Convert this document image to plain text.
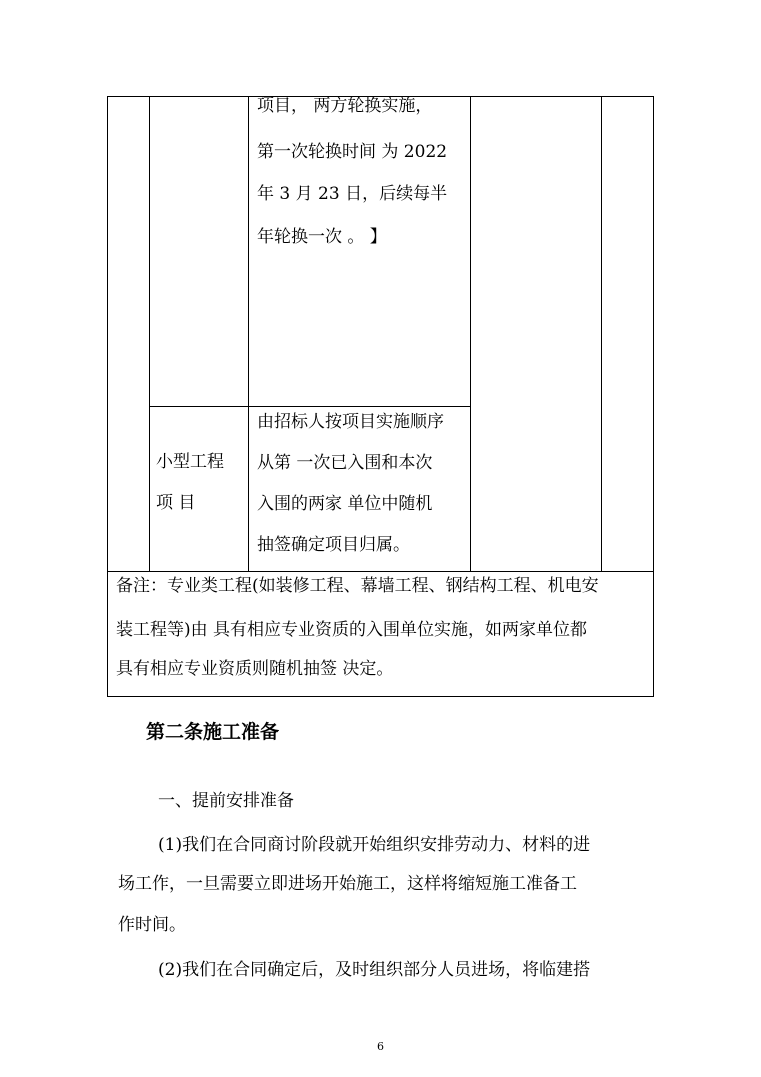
项目， 两方轮换实施，
第一次轮换时间 为 2022
年 3 月 23 日，后续每半
年轮换一次 。 】
小型工程
项 目
由招标人按项目实施顺序
从第 一次已入围和本次
入围的两家 单位中随机
抽签确定项目归属。
备注：专业类工程(如装修工程、幕墙工程、钢结构工程、机电安
装工程等)由 具有相应专业资质的入围单位实施，如两家单位都
具有相应专业资质则随机抽签 决定。
第二条施工准备
一、提前安排准备
(1)我们在合同商讨阶段就开始组织安排劳动力、材料的进
场工作，一旦需要立即进场开始施工，这样将缩短施工准备工
作时间。
(2)我们在合同确定后，及时组织部分人员进场，将临建搭
6
